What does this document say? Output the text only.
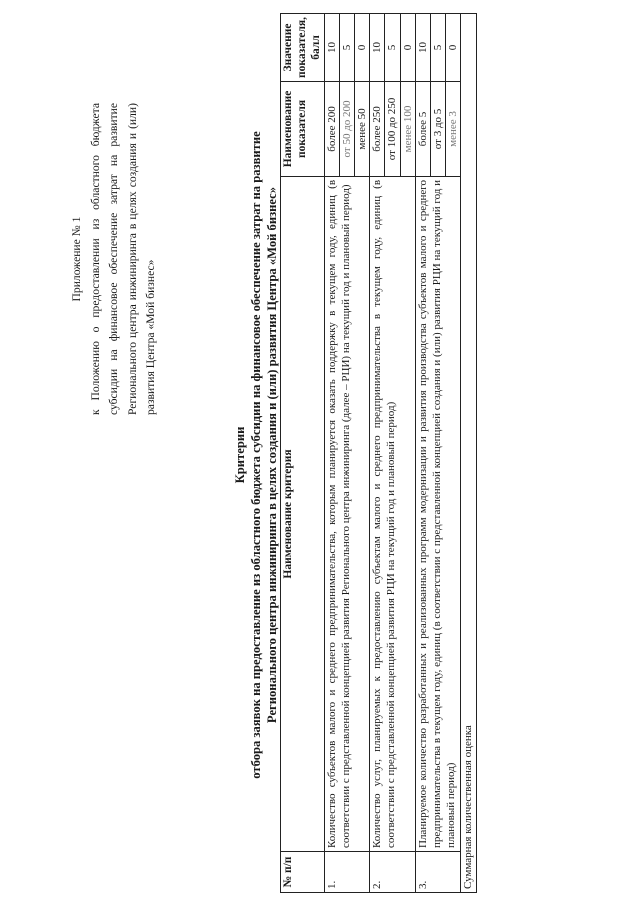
Приложение № 1 к Положению о предоставлении из областного бюджета субсидии на финансовое обеспечение затрат на развитие Регионального центра инжиниринга в целях создания и (или) развития Центра «Мой бизнес»
Критерии отбора заявок на предоставление из областного бюджета субсидии на финансовое обеспечение затрат на развитие Регионального центра инжиниринга в целях создания и (или) развития Центра «Мой бизнес»
№ п/п	Наименование критерия	Наименование показателя	Значение показателя, балл
1.	Количество субъектов малого и среднего предпринимательства, которым планируется оказать поддержку в текущем году, единиц (в соответствии с представленной концепцией развития Регионального центра инжиниринга (далее – РЦИ) на текущий год и плановый период)	более 200	10
		от 50 до 200	5
		менее 50	0
2.	Количество услуг, планируемых к предоставлению субъектам малого и среднего предпринимательства в текущем году, единиц (в соответствии с представленной концепцией развития РЦИ на текущий год и плановый период)	более 250	10
		от 100 до 250	5
		менее 100	0
3.	Планируемое количество разработанных и реализованных программ модернизации и развития производства субъектов малого и среднего предпринимательства в текущем году, единиц (в соответствии с представленной концепцией создания и (или) развития РЦИ на текущий год и плановый период)	более 5	10
		от 3 до 5	5
		менее 3	0
Суммарная количественная оценка			
